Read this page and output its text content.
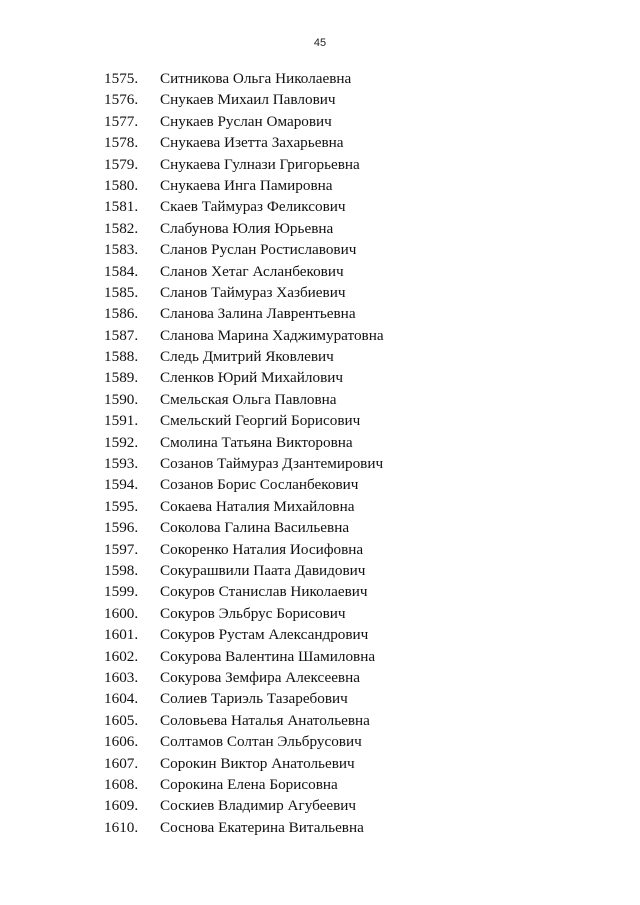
45
1575. Ситникова Ольга Николаевна
1576. Снукаев Михаил Павлович
1577. Снукаев Руслан Омарович
1578. Снукаева Изетта Захарьевна
1579. Снукаева Гулнази Григорьевна
1580. Снукаева Инга Памировна
1581. Скаев Таймураз Феликсович
1582. Слабунова Юлия Юрьевна
1583. Сланов Руслан Ростиславович
1584. Сланов Хетаг Асланбекович
1585. Сланов Таймураз Хазбиевич
1586. Сланова Залина Лаврентьевна
1587. Сланова Марина Хаджимуратовна
1588. Следь Дмитрий Яковлевич
1589. Сленков Юрий Михайлович
1590. Смельская Ольга Павловна
1591. Смельский Георгий Борисович
1592. Смолина Татьяна Викторовна
1593. Созанов Таймураз Дзантемирович
1594. Созанов Борис Сосланбекович
1595. Сокаева Наталия Михайловна
1596. Соколова Галина Васильевна
1597. Сокоренко Наталия Иосифовна
1598. Сокурашвили Паата Давидович
1599. Сокуров Станислав Николаевич
1600. Сокуров Эльбрус Борисович
1601. Сокуров Рустам Александрович
1602. Сокурова Валентина Шамиловна
1603. Сокурова Земфира Алексеевна
1604. Солиев Тариэль Тазаребович
1605. Соловьева Наталья Анатольевна
1606. Солтамов Солтан Эльбрусович
1607. Сорокин Виктор Анатольевич
1608. Сорокина Елена Борисовна
1609. Соскиев Владимир Агубеевич
1610. Соснова Екатерина Витальевна
